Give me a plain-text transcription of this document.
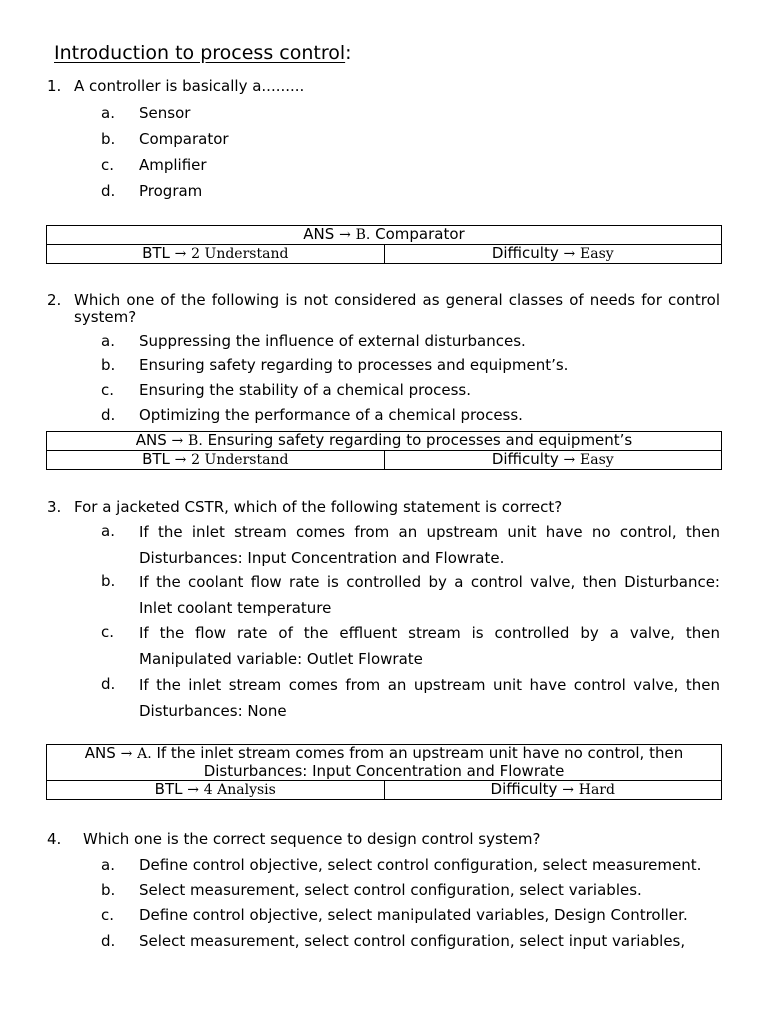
Introduction to process control:
1. A controller is basically a.........
a. Sensor
b. Comparator
c. Amplifier
d. Program
ANS → B. Comparator
BTL → 2 Understand	Difficulty → Easy
2. Which one of the following is not considered as general classes of needs for control system?
a. Suppressing the influence of external disturbances.
b. Ensuring safety regarding to processes and equipment’s.
c. Ensuring the stability of a chemical process.
d. Optimizing the performance of a chemical process.
ANS → B. Ensuring safety regarding to processes and equipment’s
BTL → 2 Understand	Difficulty → Easy
3. For a jacketed CSTR, which of the following statement is correct?
a. If the inlet stream comes from an upstream unit have no control, then Disturbances: Input Concentration and Flowrate.
b. If the coolant flow rate is controlled by a control valve, then Disturbance: Inlet coolant temperature
c. If the flow rate of the effluent stream is controlled by a valve, then Manipulated variable: Outlet Flowrate
d. If the inlet stream comes from an upstream unit have control valve, then Disturbances: None
ANS → A. If the inlet stream comes from an upstream unit have no control, then Disturbances: Input Concentration and Flowrate
BTL → 4 Analysis	Difficulty → Hard
4. Which one is the correct sequence to design control system?
a. Define control objective, select control configuration, select measurement.
b. Select measurement, select control configuration, select variables.
c. Define control objective, select manipulated variables, Design Controller.
d. Select measurement, select control configuration, select input variables,
